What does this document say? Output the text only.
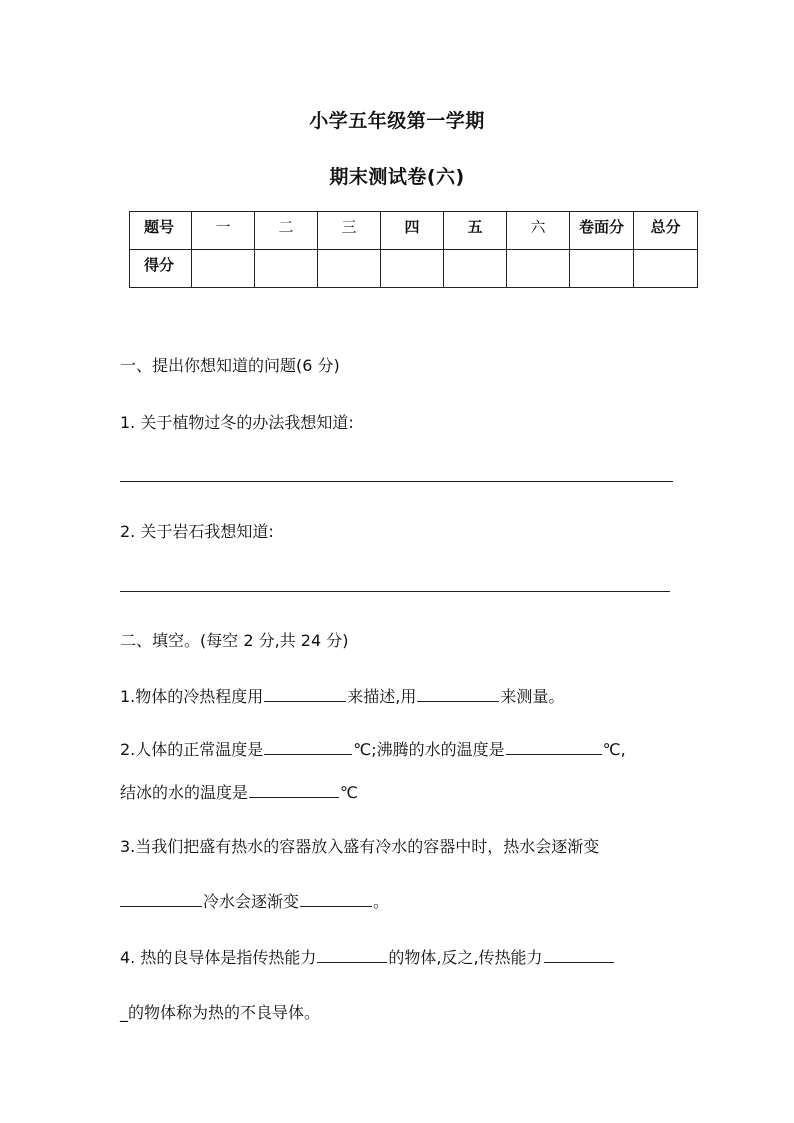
小学五年级第一学期
期末测试卷(六)
题号	一	二	三	四	五	六	卷面分	总分
得分								
一、提出你想知道的问题(6 分)
1. 关于植物过冬的办法我想知道:
2. 关于岩石我想知道:
二、填空。(每空 2 分,共 24 分)
1.物体的冷热程度用	来描述,用	来测量。
2.人体的正常温度是	℃;沸腾的水的温度是	℃,
结冰的水的温度是	℃
3.当我们把盛有热水的容器放入盛有冷水的容器中时，热水会逐渐变
冷水会逐渐变	。
4. 热的良导体是指传热能力	的物体,反之,传热能力
_的物体称为热的不良导体。
